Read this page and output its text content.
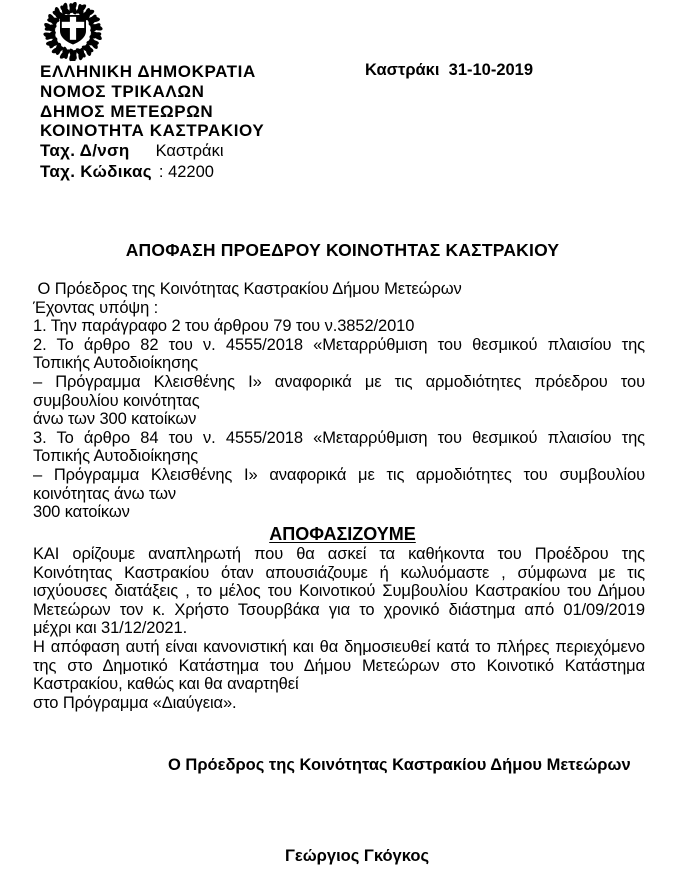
ΕΛΛΗΝΙΚΗ ΔΗΜΟΚΡΑΤΙΑ
ΝΟΜΟΣ ΤΡΙΚΑΛΩΝ
ΔΗΜΟΣ ΜΕΤΕΩΡΩΝ
ΚΟΙΝΟΤΗΤΑ ΚΑΣΤΡΑΚΙΟΥ
Ταχ. Δ/νση Καστράκι
Ταχ. Κώδικας : 42200
Καστράκι  31-10-2019
ΑΠΟΦΑΣΗ ΠΡΟΕΔΡΟΥ ΚΟΙΝΟΤΗΤΑΣ ΚΑΣΤΡΑΚΙΟΥ
Ο Πρόεδρος της Κοινότητας Καστρακίου Δήμου Μετεώρων
Έχοντας υπόψη :
1. Την παράγραφο 2 του άρθρου 79 του ν.3852/2010
2. Το άρθρο 82 του ν. 4555/2018 «Μεταρρύθμιση του θεσμικού πλαισίου της
Τοπικής Αυτοδιοίκησης
– Πρόγραμμα Κλεισθένης Ι» αναφορικά με τις αρμοδιότητες πρόεδρου του
συμβουλίου κοινότητας
άνω των 300 κατοίκων
3. Το άρθρο 84 του ν. 4555/2018 «Μεταρρύθμιση του θεσμικού πλαισίου της
Τοπικής Αυτοδιοίκησης
– Πρόγραμμα Κλεισθένης Ι» αναφορικά με τις αρμοδιότητες του συμβουλίου
κοινότητας άνω των
300 κατοίκων
ΑΠΟΦΑΣΙΖΟΥΜΕ
ΚΑΙ ορίζουμε αναπληρωτή που θα ασκεί τα καθήκοντα του Προέδρου της
Κοινότητας Καστρακίου όταν απουσιάζουμε ή κωλυόμαστε , σύμφωνα με τις
ισχύουσες διατάξεις , το μέλος του Κοινοτικού Συμβουλίου Καστρακίου του Δήμου
Μετεώρων τον κ. Χρήστο Τσουρβάκα για το χρονικό διάστημα από 01/09/2019
μέχρι και 31/12/2021.
Η απόφαση αυτή είναι κανονιστική και θα δημοσιευθεί κατά το πλήρες περιεχόμενο
της στο Δημοτικό Κατάστημα του Δήμου Μετεώρων στο Κοινοτικό Κατάστημα
Καστρακίου, καθώς και θα αναρτηθεί
στο Πρόγραμμα «Διαύγεια».
Ο Πρόεδρος της Κοινότητας Καστρακίου Δήμου Μετεώρων
Γεώργιος Γκόγκος
